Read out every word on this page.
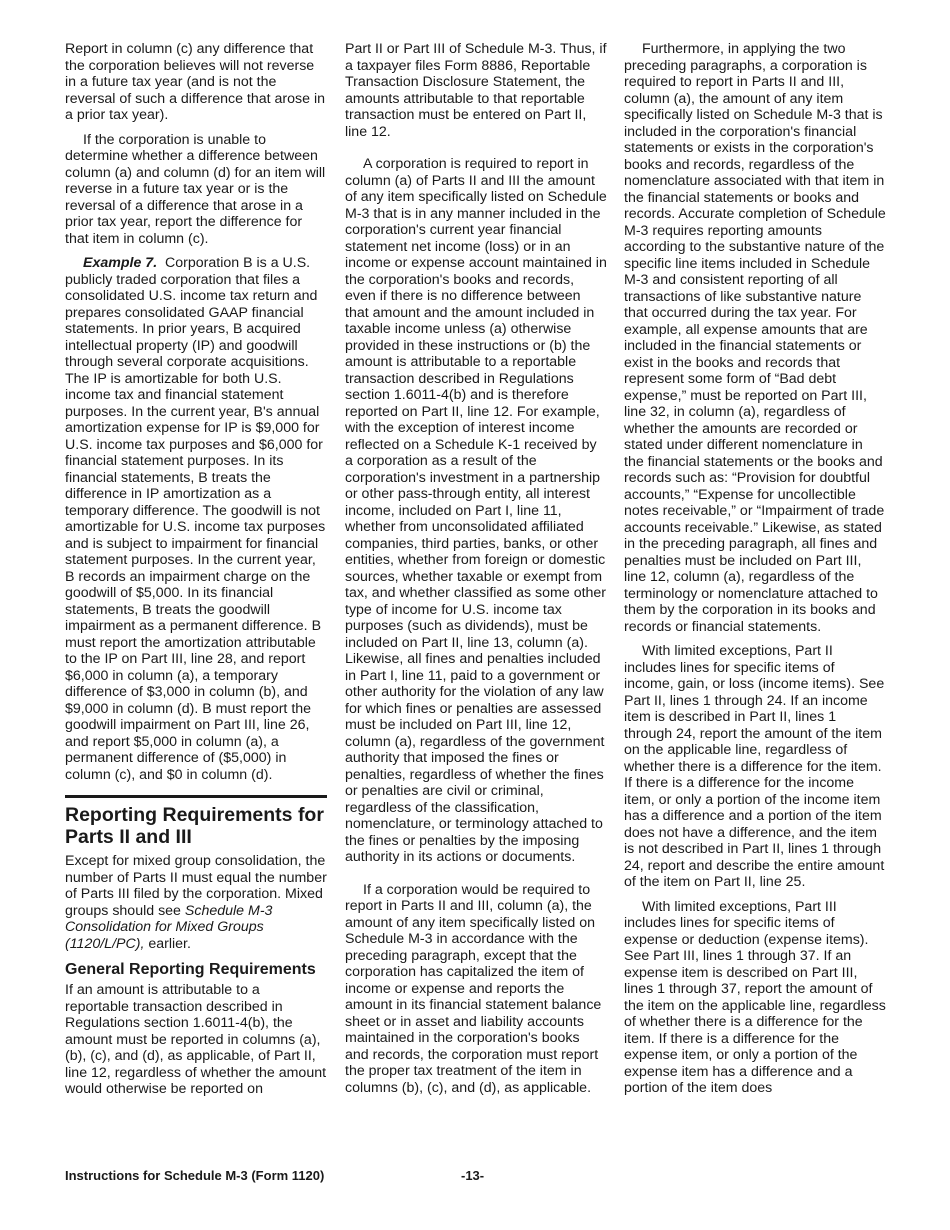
Report in column (c) any difference that the corporation believes will not reverse in a future tax year (and is not the reversal of such a difference that arose in a prior tax year).

If the corporation is unable to determine whether a difference between column (a) and column (d) for an item will reverse in a future tax year or is the reversal of a difference that arose in a prior tax year, report the difference for that item in column (c).

Example 7. Corporation B is a U.S. publicly traded corporation that files a consolidated U.S. income tax return and prepares consolidated GAAP financial statements. In prior years, B acquired intellectual property (IP) and goodwill through several corporate acquisitions. The IP is amortizable for both U.S. income tax and financial statement purposes. In the current year, B's annual amortization expense for IP is $9,000 for U.S. income tax purposes and $6,000 for financial statement purposes. In its financial statements, B treats the difference in IP amortization as a temporary difference. The goodwill is not amortizable for U.S. income tax purposes and is subject to impairment for financial statement purposes. In the current year, B records an impairment charge on the goodwill of $5,000. In its financial statements, B treats the goodwill impairment as a permanent difference. B must report the amortization attributable to the IP on Part III, line 28, and report $6,000 in column (a), a temporary difference of $3,000 in column (b), and $9,000 in column (d). B must report the goodwill impairment on Part III, line 26, and report $5,000 in column (a), a permanent difference of ($5,000) in column (c), and $0 in column (d).

Reporting Requirements for Parts II and III

Except for mixed group consolidation, the number of Parts II must equal the number of Parts III filed by the corporation. Mixed groups should see Schedule M-3 Consolidation for Mixed Groups (1120/L/PC), earlier.

General Reporting Requirements

If an amount is attributable to a reportable transaction described in Regulations section 1.6011-4(b), the amount must be reported in columns (a), (b), (c), and (d), as applicable, of Part II, line 12, regardless of whether the amount would otherwise be reported on

Part II or Part III of Schedule M-3. Thus, if a taxpayer files Form 8886, Reportable Transaction Disclosure Statement, the amounts attributable to that reportable transaction must be entered on Part II, line 12.

A corporation is required to report in column (a) of Parts II and III the amount of any item specifically listed on Schedule M-3 that is in any manner included in the corporation's current year financial statement net income (loss) or in an income or expense account maintained in the corporation's books and records, even if there is no difference between that amount and the amount included in taxable income unless (a) otherwise provided in these instructions or (b) the amount is attributable to a reportable transaction described in Regulations section 1.6011-4(b) and is therefore reported on Part II, line 12. For example, with the exception of interest income reflected on a Schedule K-1 received by a corporation as a result of the corporation's investment in a partnership or other pass-through entity, all interest income, included on Part I, line 11, whether from unconsolidated affiliated companies, third parties, banks, or other entities, whether from foreign or domestic sources, whether taxable or exempt from tax, and whether classified as some other type of income for U.S. income tax purposes (such as dividends), must be included on Part II, line 13, column (a). Likewise, all fines and penalties included in Part I, line 11, paid to a government or other authority for the violation of any law for which fines or penalties are assessed must be included on Part III, line 12, column (a), regardless of the government authority that imposed the fines or penalties, regardless of whether the fines or penalties are civil or criminal, regardless of the classification, nomenclature, or terminology attached to the fines or penalties by the imposing authority in its actions or documents.

If a corporation would be required to report in Parts II and III, column (a), the amount of any item specifically listed on Schedule M-3 in accordance with the preceding paragraph, except that the corporation has capitalized the item of income or expense and reports the amount in its financial statement balance sheet or in asset and liability accounts maintained in the corporation's books and records, the corporation must report the proper tax treatment of the item in columns (b), (c), and (d), as applicable.

Furthermore, in applying the two preceding paragraphs, a corporation is required to report in Parts II and III, column (a), the amount of any item specifically listed on Schedule M-3 that is included in the corporation's financial statements or exists in the corporation's books and records, regardless of the nomenclature associated with that item in the financial statements or books and records. Accurate completion of Schedule M-3 requires reporting amounts according to the substantive nature of the specific line items included in Schedule M-3 and consistent reporting of all transactions of like substantive nature that occurred during the tax year. For example, all expense amounts that are included in the financial statements or exist in the books and records that represent some form of “Bad debt expense,” must be reported on Part III, line 32, in column (a), regardless of whether the amounts are recorded or stated under different nomenclature in the financial statements or the books and records such as: “Provision for doubtful accounts,” “Expense for uncollectible notes receivable,” or “Impairment of trade accounts receivable.” Likewise, as stated in the preceding paragraph, all fines and penalties must be included on Part III, line 12, column (a), regardless of the terminology or nomenclature attached to them by the corporation in its books and records or financial statements.

With limited exceptions, Part II includes lines for specific items of income, gain, or loss (income items). See Part II, lines 1 through 24. If an income item is described in Part II, lines 1 through 24, report the amount of the item on the applicable line, regardless of whether there is a difference for the item. If there is a difference for the income item, or only a portion of the income item has a difference and a portion of the item does not have a difference, and the item is not described in Part II, lines 1 through 24, report and describe the entire amount of the item on Part II, line 25.

With limited exceptions, Part III includes lines for specific items of expense or deduction (expense items). See Part III, lines 1 through 37. If an expense item is described on Part III, lines 1 through 37, report the amount of the item on the applicable line, regardless of whether there is a difference for the item. If there is a difference for the expense item, or only a portion of the expense item has a difference and a portion of the item does

Instructions for Schedule M-3 (Form 1120)	-13-
